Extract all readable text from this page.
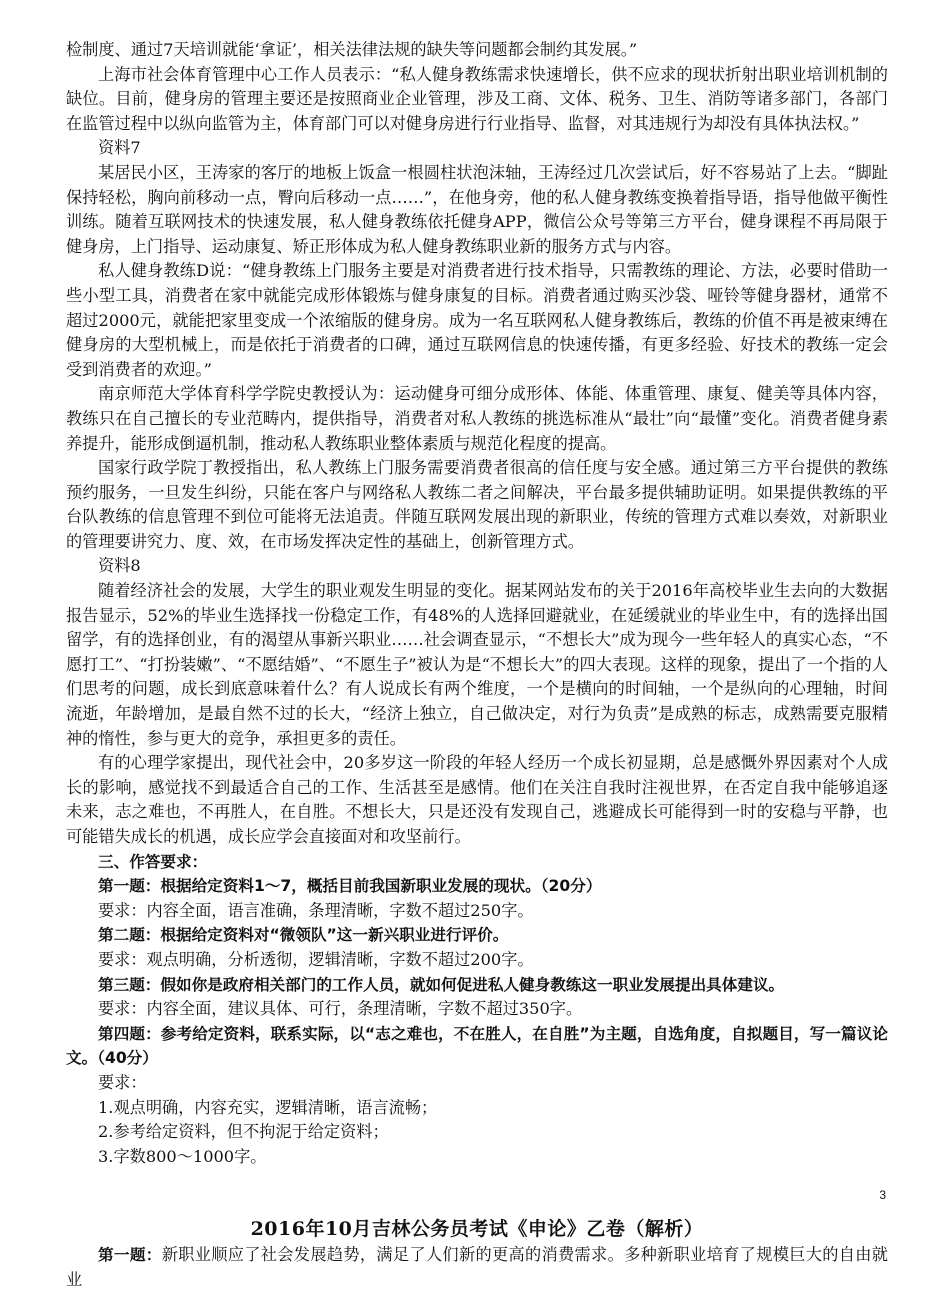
检制度、通过7天培训就能‘拿证’，相关法律法规的缺失等问题都会制约其发展。”

上海市社会体育管理中心工作人员表示：“私人健身教练需求快速增长，供不应求的现状折射出职业培训机制的缺位。目前，健身房的管理主要还是按照商业企业管理，涉及工商、文体、税务、卫生、消防等诸多部门，各部门在监管过程中以纵向监管为主，体育部门可以对健身房进行行业指导、监督，对其违规行为却没有具体执法权。”

资料7

某居民小区，王涛家的客厅的地板上饭盒一根圆柱状泡沫轴，王涛经过几次尝试后，好不容易站了上去。“脚趾保持轻松，胸向前移动一点，臀向后移动一点……”，在他身旁，他的私人健身教练变换着指导语，指导他做平衡性训练。随着互联网技术的快速发展，私人健身教练依托健身APP，微信公众号等第三方平台，健身课程不再局限于健身房，上门指导、运动康复、矫正形体成为私人健身教练职业新的服务方式与内容。

私人健身教练D说：“健身教练上门服务主要是对消费者进行技术指导，只需教练的理论、方法，必要时借助一些小型工具，消费者在家中就能完成形体锻炼与健身康复的目标。消费者通过购买沙袋、哑铃等健身器材，通常不超过2000元，就能把家里变成一个浓缩版的健身房。成为一名互联网私人健身教练后，教练的价值不再是被束缚在健身房的大型机械上，而是依托于消费者的口碑，通过互联网信息的快速传播，有更多经验、好技术的教练一定会受到消费者的欢迎。”

南京师范大学体育科学学院史教授认为：运动健身可细分成形体、体能、体重管理、康复、健美等具体内容，教练只在自己擅长的专业范畴内，提供指导，消费者对私人教练的挑选标准从“最壮”向“最懂”变化。消费者健身素养提升，能形成倒逼机制，推动私人教练职业整体素质与规范化程度的提高。

国家行政学院丁教授指出，私人教练上门服务需要消费者很高的信任度与安全感。通过第三方平台提供的教练预约服务，一旦发生纠纷，只能在客户与网络私人教练二者之间解决，平台最多提供辅助证明。如果提供教练的平台队教练的信息管理不到位可能将无法追责。伴随互联网发展出现的新职业，传统的管理方式难以奏效，对新职业的管理要讲究力、度、效，在市场发挥决定性的基础上，创新管理方式。

资料8

随着经济社会的发展，大学生的职业观发生明显的变化。据某网站发布的关于2016年高校毕业生去向的大数据报告显示，52%的毕业生选择找一份稳定工作，有48%的人选择回避就业，在延缓就业的毕业生中，有的选择出国留学，有的选择创业，有的渴望从事新兴职业……社会调查显示，“不想长大”成为现今一些年轻人的真实心态，“不愿打工”、“打扮装嫩”、“不愿结婚”、“不愿生子”被认为是“不想长大”的四大表现。这样的现象，提出了一个指的人们思考的问题，成长到底意味着什么？有人说成长有两个维度，一个是横向的时间轴，一个是纵向的心理轴，时间流逝，年龄增加，是最自然不过的长大，“经济上独立，自己做决定，对行为负责”是成熟的标志，成熟需要克服精神的惰性，参与更大的竞争，承担更多的责任。

有的心理学家提出，现代社会中，20多岁这一阶段的年轻人经历一个成长初显期，总是感慨外界因素对个人成长的影响，感觉找不到最适合自己的工作、生活甚至是感情。他们在关注自我时注视世界，在否定自我中能够追逐未来，志之难也，不再胜人，在自胜。不想长大，只是还没有发现自己，逃避成长可能得到一时的安稳与平静，也可能错失成长的机遇，成长应学会直接面对和攻坚前行。

三、作答要求：

第一题：根据给定资料1～7，概括目前我国新职业发展的现状。（20分）

要求：内容全面，语言准确，条理清晰，字数不超过250字。

第二题：根据给定资料对“微领队”这一新兴职业进行评价。

要求：观点明确，分析透彻，逻辑清晰，字数不超过200字。

第三题：假如你是政府相关部门的工作人员，就如何促进私人健身教练这一职业发展提出具体建议。

要求：内容全面，建议具体、可行，条理清晰，字数不超过350字。

第四题：参考给定资料，联系实际，以“志之难也，不在胜人，在自胜”为主题，自选角度，自拟题目，写一篇议论文。（40分）

要求：

1.观点明确，内容充实，逻辑清晰，语言流畅；

2.参考给定资料，但不拘泥于给定资料；

3.字数800～1000字。

2016年10月吉林公务员考试《申论》乙卷（解析）

第一题：新职业顺应了社会发展趋势，满足了人们新的更高的消费需求。多种新职业培育了规模巨大的自由就业

3
